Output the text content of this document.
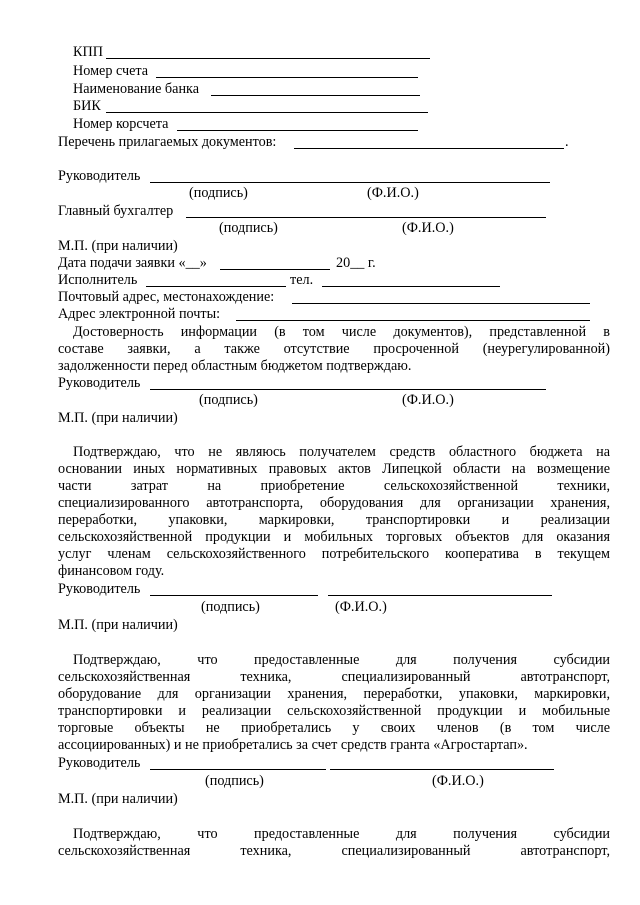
КПП
Номер счета
Наименование банка
БИК
Номер корсчета
Перечень прилагаемых документов:	.
Руководитель
(подпись)	(Ф.И.О.)
Главный бухгалтер
(подпись)	(Ф.И.О.)
М.П. (при наличии)
Дата подачи заявки «__»	20__ г.
Исполнитель	тел.
Почтовый адрес, местонахождение:
Адрес электронной почты:
Достоверность информации (в том числе документов), представленной в
составе заявки, а также отсутствие просроченной (неурегулированной)
задолженности перед областным бюджетом подтверждаю.
Руководитель
(подпись)	(Ф.И.О.)
М.П. (при наличии)
Подтверждаю, что не являюсь получателем средств областного бюджета на
основании иных нормативных правовых актов Липецкой области на возмещение
части затрат на приобретение сельскохозяйственной техники,
специализированного автотранспорта, оборудования для организации хранения,
переработки, упаковки, маркировки, транспортировки и реализации
сельскохозяйственной продукции и мобильных торговых объектов для оказания
услуг членам сельскохозяйственного потребительского кооператива в текущем
финансовом году.
Руководитель
(подпись)	(Ф.И.О.)
М.П. (при наличии)
Подтверждаю, что предоставленные для получения субсидии
сельскохозяйственная техника, специализированный автотранспорт,
оборудование для организации хранения, переработки, упаковки, маркировки,
транспортировки и реализации сельскохозяйственной продукции и мобильные
торговые объекты не приобретались у своих членов (в том числе
ассоциированных) и не приобретались за счет средств гранта «Агростартап».
Руководитель
(подпись)	(Ф.И.О.)
М.П. (при наличии)
Подтверждаю, что предоставленные для получения субсидии
сельскохозяйственная техника, специализированный автотранспорт,
